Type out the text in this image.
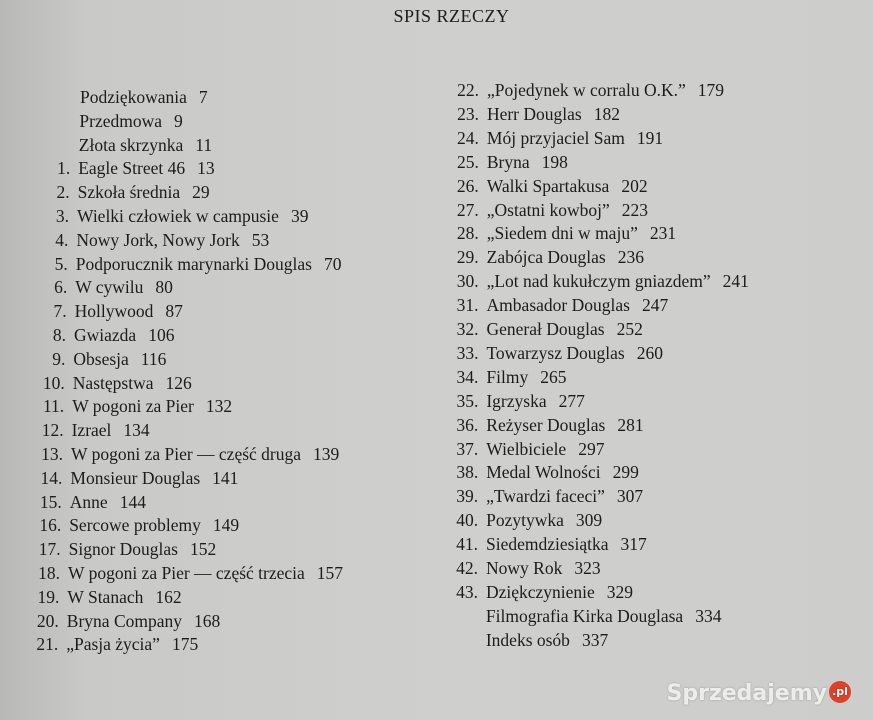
SPIS RZECZY
Podziękowania 7
Przedmowa 9
Złota skrzynka 11
1. Eagle Street 46 13
2. Szkoła średnia 29
3. Wielki człowiek w campusie 39
4. Nowy Jork, Nowy Jork 53
5. Podporucznik marynarki Douglas 70
6. W cywilu 80
7. Hollywood 87
8. Gwiazda 106
9. Obsesja 116
10. Następstwa 126
11. W pogoni za Pier 132
12. Izrael 134
13. W pogoni za Pier — część druga 139
14. Monsieur Douglas 141
15. Anne 144
16. Sercowe problemy 149
17. Signor Douglas 152
18. W pogoni za Pier — część trzecia 157
19. W Stanach 162
20. Bryna Company 168
21. „Pasja życia” 175
22. „Pojedynek w corralu O.K.” 179
23. Herr Douglas 182
24. Mój przyjaciel Sam 191
25. Bryna 198
26. Walki Spartakusa 202
27. „Ostatni kowboj” 223
28. „Siedem dni w maju” 231
29. Zabójca Douglas 236
30. „Lot nad kukułczym gniazdem” 241
31. Ambasador Douglas 247
32. Generał Douglas 252
33. Towarzysz Douglas 260
34. Filmy 265
35. Igrzyska 277
36. Reżyser Douglas 281
37. Wielbiciele 297
38. Medal Wolności 299
39. „Twardzi faceci” 307
40. Pozytywka 309
41. Siedemdziesiątka 317
42. Nowy Rok 323
43. Dziękczynienie 329
Filmografia Kirka Douglasa 334
Indeks osób 337
Sprzedajemy .pl
